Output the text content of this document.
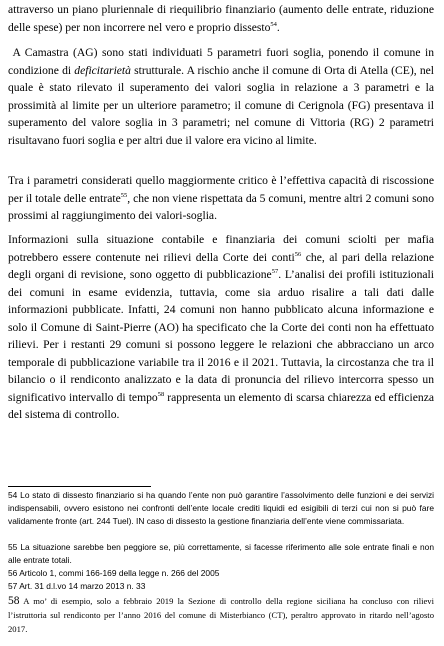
attraverso un piano pluriennale di riequilibrio finanziario (aumento delle entrate, riduzione delle spese) per non incorrere nel vero e proprio dissesto$^{54}$.

A Camastra (AG) sono stati individuati 5 parametri fuori soglia, ponendo il comune in condizione di deficitarietà strutturale. A rischio anche il comune di Orta di Atella (CE), nel quale è stato rilevato il superamento dei valori soglia in relazione a 3 parametri e la prossimità al limite per un ulteriore parametro; il comune di Cerignola (FG) presentava il superamento del valore soglia in 3 parametri; nel comune di Vittoria (RG) 2 parametri risultavano fuori soglia e per altri due il valore era vicino al limite.

Tra i parametri considerati quello maggiormente critico è l’effettiva capacità di riscossione per il totale delle entrate$^{55}$, che non viene rispettata da 5 comuni, mentre altri 2 comuni sono prossimi al raggiungimento dei valori-soglia.

Informazioni sulla situazione contabile e finanziaria dei comuni sciolti per mafia potrebbero essere contenute nei rilievi della Corte dei conti$^{56}$ che, al pari della relazione degli organi di revisione, sono oggetto di pubblicazione$^{57}$. L’analisi dei profili istituzionali dei comuni in esame evidenzia, tuttavia, come sia arduo risalire a tali dati dalle informazioni pubblicate. Infatti, 24 comuni non hanno pubblicato alcuna informazione e solo il Comune di Saint-Pierre (AO) ha specificato che la Corte dei conti non ha effettuato rilievi. Per i restanti 29 comuni si possono leggere le relazioni che abbracciano un arco temporale di pubblicazione variabile tra il 2016 e il 2021. Tuttavia, la circostanza che tra il bilancio o il rendiconto analizzato e la data di pronuncia del rilievo intercorra spesso un significativo intervallo di tempo$^{58}$ rappresenta un elemento di scarsa chiarezza ed efficienza del sistema di controllo.

54 Lo stato di dissesto finanziario si ha quando l’ente non può garantire l’assolvimento delle funzioni e dei servizi indispensabili, ovvero esistono nei confronti dell’ente locale crediti liquidi ed esigibili di terzi cui non si può fare validamente fronte (art. 244 Tuel). IN caso di dissesto la gestione finanziaria dell’ente viene commissariata.

55 La situazione sarebbe ben peggiore se, più correttamente, si facesse riferimento alle sole entrate finali e non alle entrate totali.

56 Articolo 1, commi 166-169 della legge n. 266 del 2005

57 Art. 31 d.l.vo 14 marzo 2013 n. 33

58 A mo’ di esempio, solo a febbraio 2019 la Sezione di controllo della regione siciliana ha concluso con rilievi l’istruttoria sul rendiconto per l’anno 2016 del comune di Misterbianco (CT), peraltro approvato in ritardo nell’agosto 2017.
